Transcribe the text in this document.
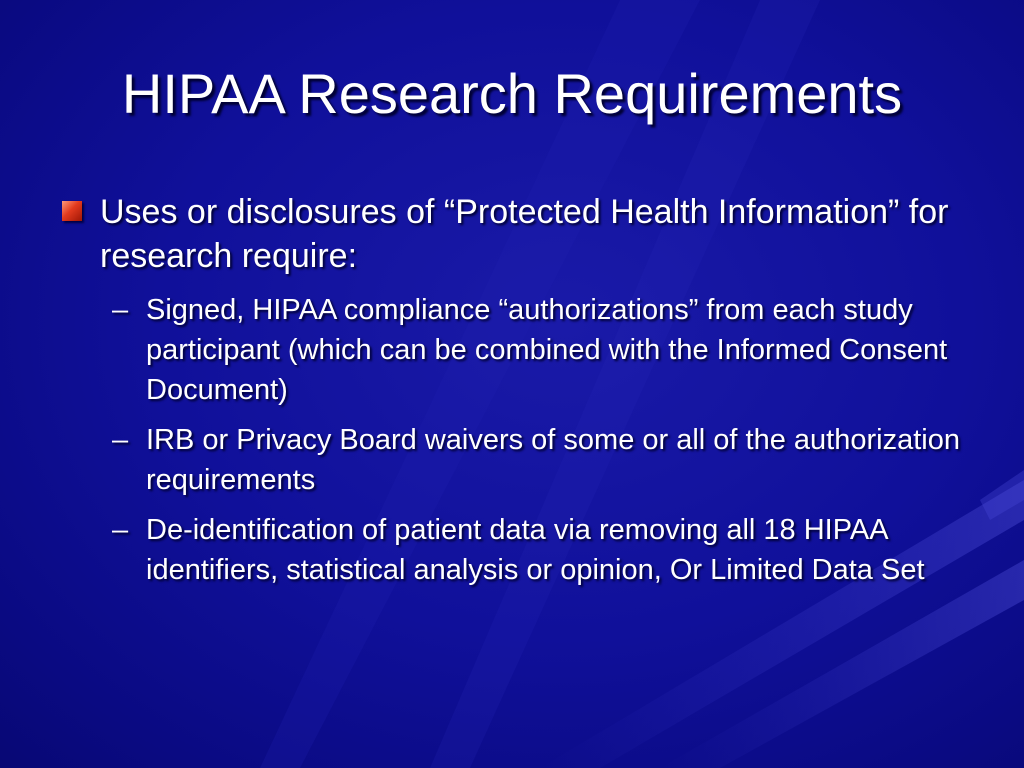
HIPAA Research Requirements
Uses or disclosures of “Protected Health Information” for research require:
– Signed, HIPAA compliance “authorizations” from each study participant (which can be combined with the Informed Consent Document)
– IRB or Privacy Board waivers of some or all of the authorization requirements
– De-identification of patient data via removing all 18 HIPAA identifiers, statistical analysis or opinion, Or Limited Data Set
